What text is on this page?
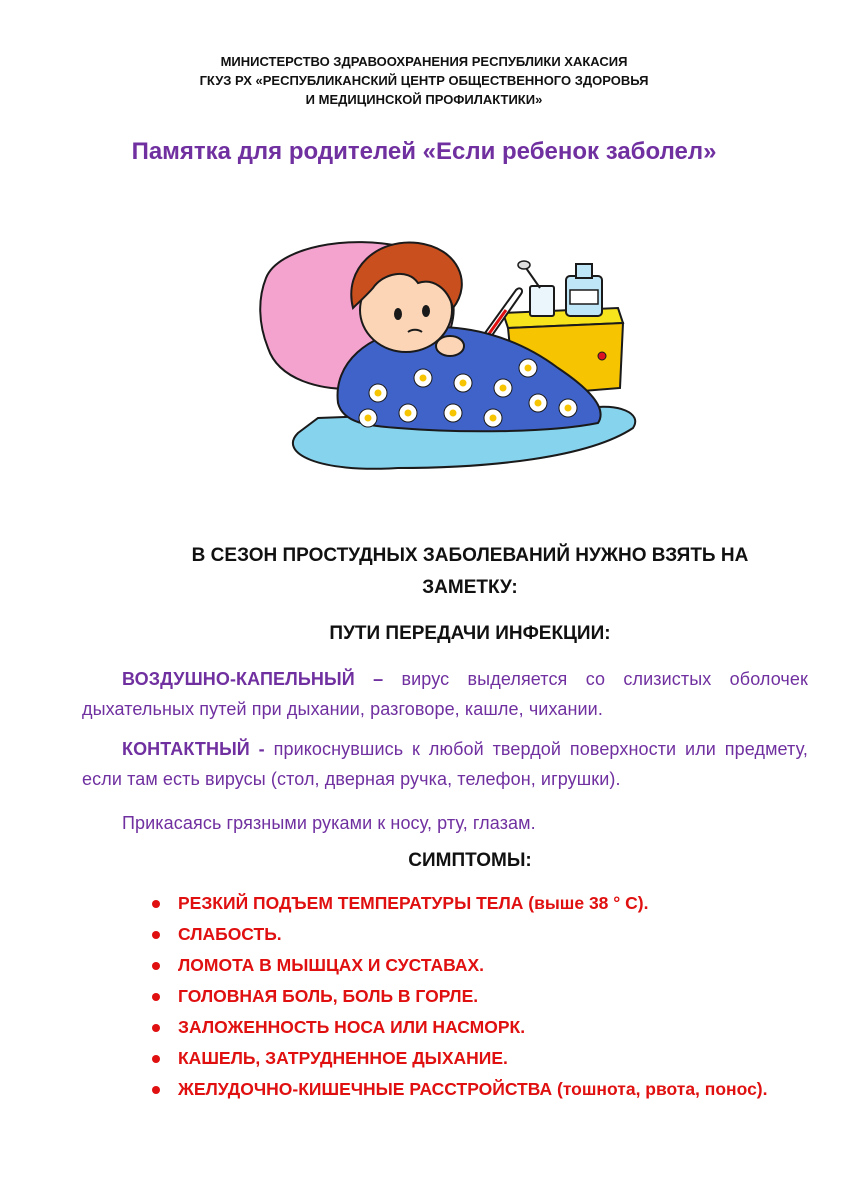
МИНИСТЕРСТВО ЗДРАВООХРАНЕНИЯ РЕСПУБЛИКИ ХАКАСИЯ
ГКУЗ РХ «РЕСПУБЛИКАНСКИЙ ЦЕНТР ОБЩЕСТВЕННОГО ЗДОРОВЬЯ
И МЕДИЦИНСКОЙ ПРОФИЛАКТИКИ»
Памятка для родителей «Если ребенок заболел»
В СЕЗОН ПРОСТУДНЫХ ЗАБОЛЕВАНИЙ НУЖНО ВЗЯТЬ НА
ЗАМЕТКУ:
ПУТИ ПЕРЕДАЧИ ИНФЕКЦИИ:
ВОЗДУШНО-КАПЕЛЬНЫЙ – вирус выделяется со слизистых оболочек дыхательных путей при дыхании, разговоре, кашле, чихании.
КОНТАКТНЫЙ - прикоснувшись к любой твердой поверхности или предмету, если там есть вирусы (стол, дверная ручка, телефон, игрушки).
Прикасаясь грязными руками к носу, рту, глазам.
СИМПТОМЫ:
РЕЗКИЙ ПОДЪЕМ ТЕМПЕРАТУРЫ ТЕЛА (выше 38 ° С).
СЛАБОСТЬ.
ЛОМОТА В МЫШЦАХ И СУСТАВАХ.
ГОЛОВНАЯ БОЛЬ, БОЛЬ В ГОРЛЕ.
ЗАЛОЖЕННОСТЬ НОСА ИЛИ НАСМОРК.
КАШЕЛЬ, ЗАТРУДНЕННОЕ ДЫХАНИЕ.
ЖЕЛУДОЧНО-КИШЕЧНЫЕ РАССТРОЙСТВА (тошнота, рвота, понос).
